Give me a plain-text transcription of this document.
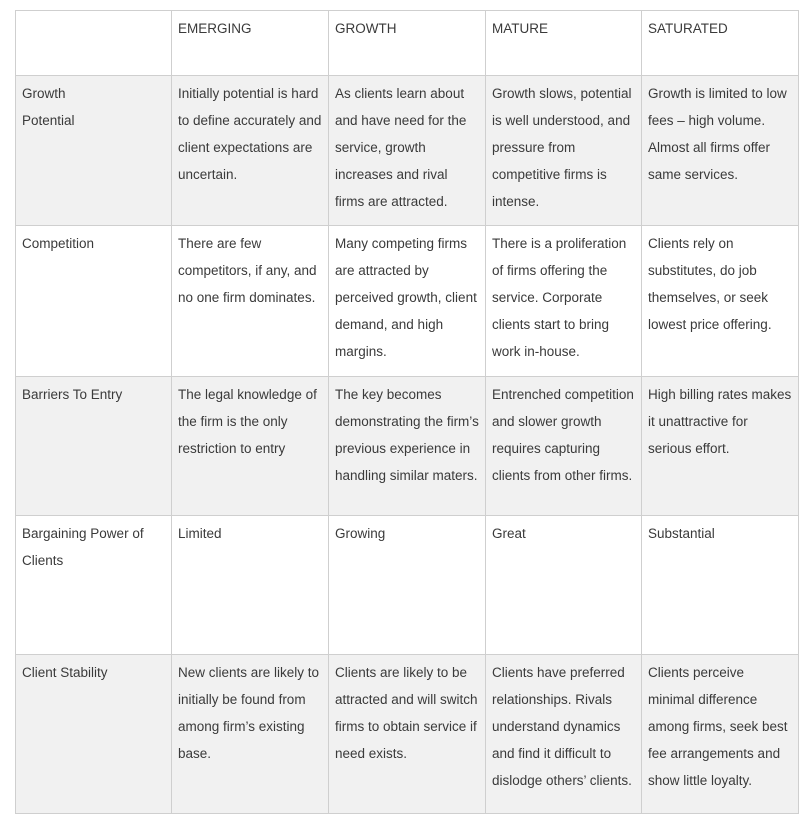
	EMERGING	GROWTH	MATURE	SATURATED

Growth Potential	Initially potential is hard to define accurately and client expectations are uncertain.	As clients learn about and have need for the service, growth increases and rival firms are attracted.	Growth slows, potential is well understood, and pressure from competitive firms is intense.	Growth is limited to low fees – high volume. Almost all firms offer same services.
Competition	There are few competitors, if any, and no one firm dominates.	Many competing firms are attracted by perceived growth, client demand, and high margins.	There is a proliferation of firms offering the service. Corporate clients start to bring work in-house.	Clients rely on substitutes, do job themselves, or seek lowest price offering.
Barriers To Entry	The legal knowledge of the firm is the only restriction to entry	The key becomes demonstrating the firm’s previous experience in handling similar maters.	Entrenched competition and slower growth requires capturing clients from other firms.	High billing rates makes it unattractive for serious effort.
Bargaining Power of Clients	Limited	Growing	Great	Substantial
Client Stability	New clients are likely to initially be found from among firm’s existing base.	Clients are likely to be attracted and will switch firms to obtain service if need exists.	Clients have preferred relationships. Rivals understand dynamics and find it difficult to dislodge others’ clients.	Clients perceive minimal difference among firms, seek best fee arrangements and show little loyalty.
